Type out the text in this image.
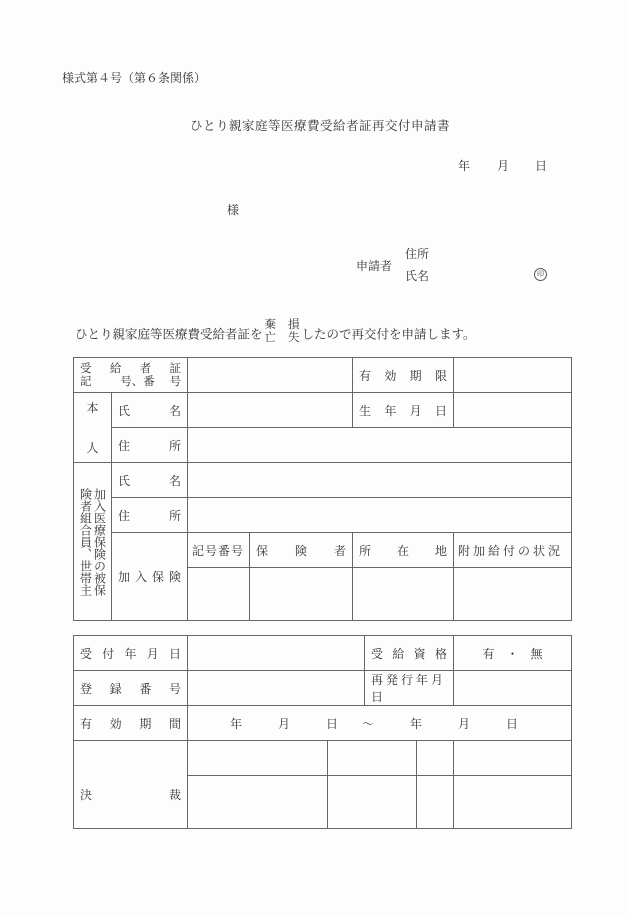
様式第４号（第６条関係）
ひとり親家庭等医療費受給者証再交付申請書
年 月 日
様
申請者
住所
氏名	印
ひとり親家庭等医療費受給者証を棄
亡損
失 したので再交付を申請します。
受 給 者 証
記	号、番 号		有 効 期 限

本
人

氏	名		生 年 月 日

	住 所				

加入医療保険の被保険者組合員、世帯主	氏 名				

	住 所				

	加 入 保 険	記号番号	保 険 者	所 在 地	附加給付の状況

受 付 年 月 日			受 給 資 格		有　・　無

登 録 番 号			再発行年月日		

有 効 期 間	年　　　月　　　日　　～　　　年　　　月　　　日				

決 裁					
